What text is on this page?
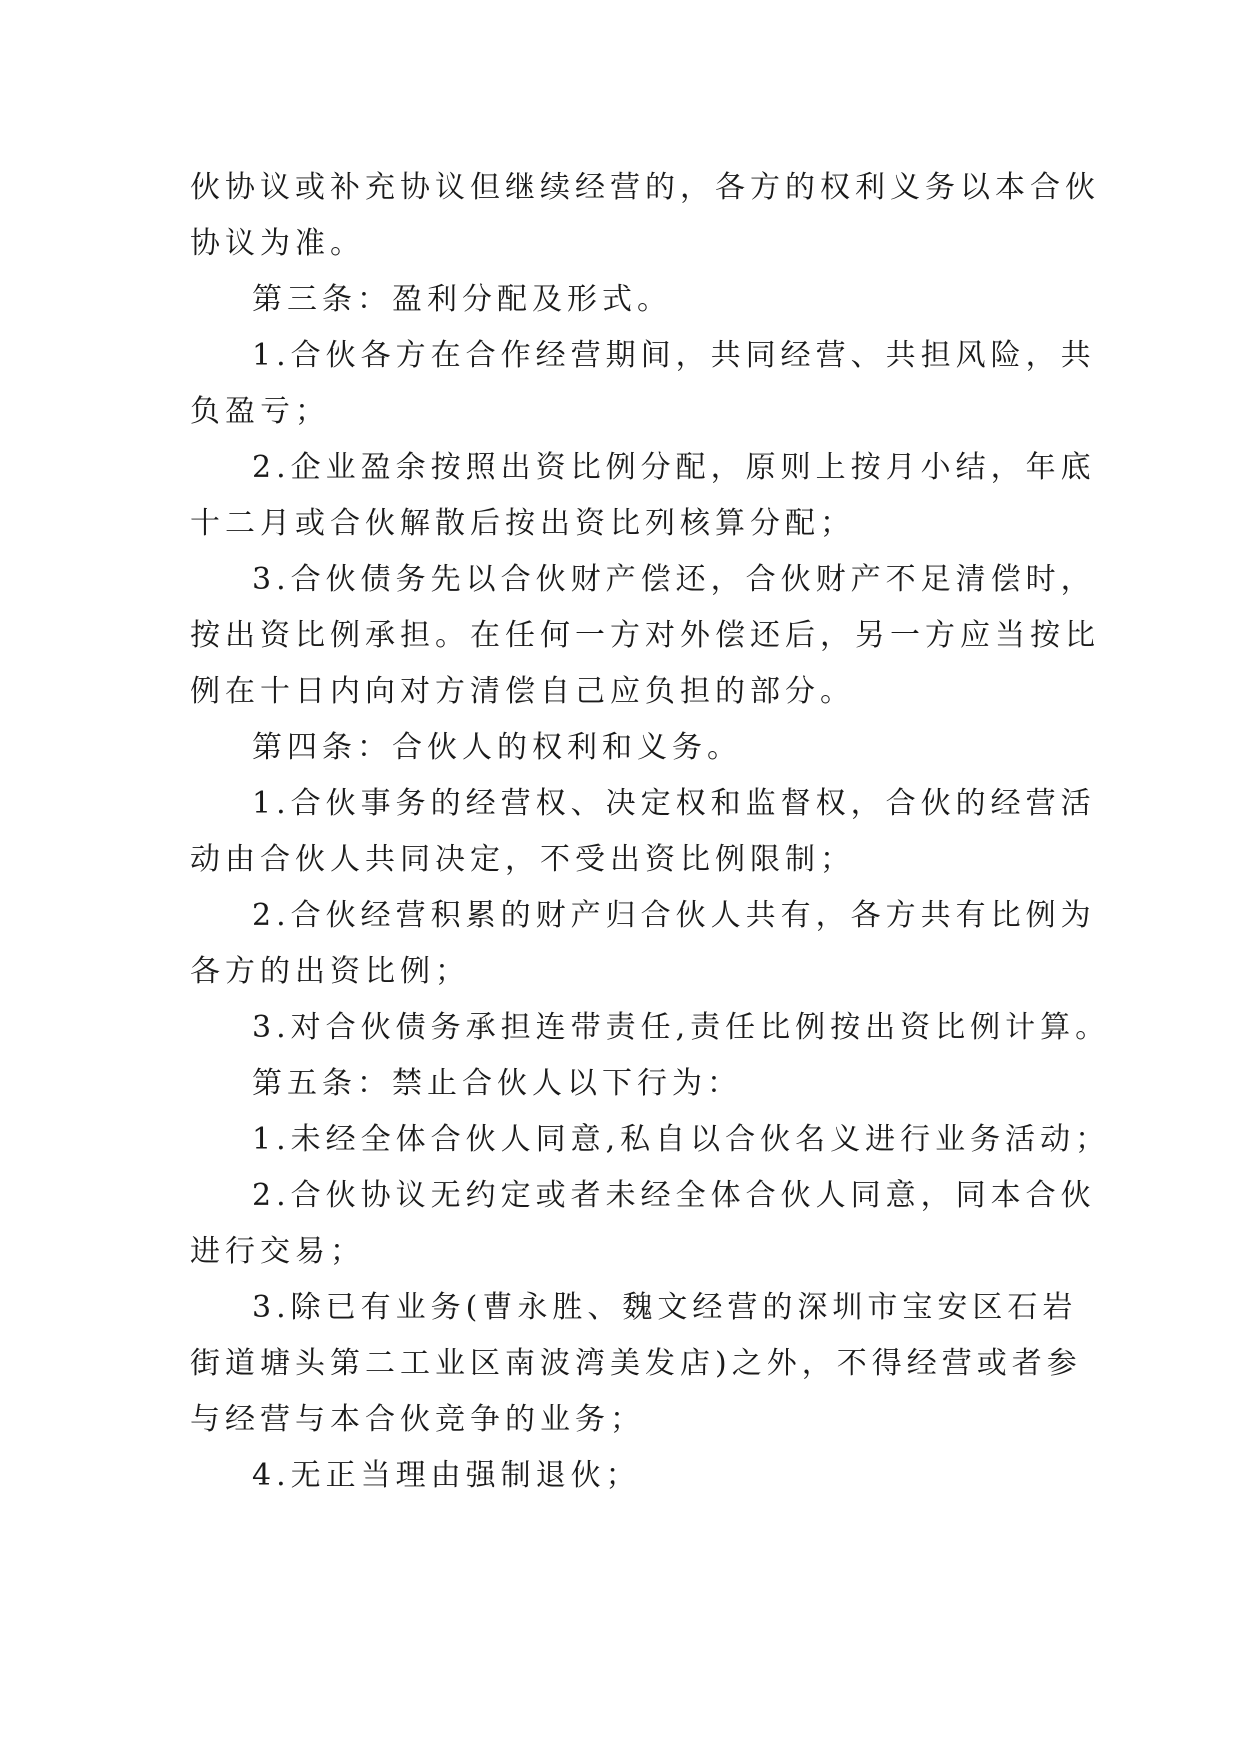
伙协议或补充协议但继续经营的，各方的权利义务以本合伙
协议为准。
第三条：盈利分配及形式。
1.合伙各方在合作经营期间，共同经营、共担风险，共
负盈亏；
2.企业盈余按照出资比例分配，原则上按月小结，年底
十二月或合伙解散后按出资比列核算分配；
3.合伙债务先以合伙财产偿还，合伙财产不足清偿时，
按出资比例承担。在任何一方对外偿还后，另一方应当按比
例在十日内向对方清偿自己应负担的部分。
第四条：合伙人的权利和义务。
1.合伙事务的经营权、决定权和监督权，合伙的经营活
动由合伙人共同决定，不受出资比例限制；
2.合伙经营积累的财产归合伙人共有，各方共有比例为
各方的出资比例；
3.对合伙债务承担连带责任,责任比例按出资比例计算。
第五条：禁止合伙人以下行为：
1.未经全体合伙人同意,私自以合伙名义进行业务活动；
2.合伙协议无约定或者未经全体合伙人同意，同本合伙
进行交易；
3.除已有业务(曹永胜、魏文经营的深圳市宝安区石岩
街道塘头第二工业区南波湾美发店)之外，不得经营或者参
与经营与本合伙竞争的业务；
4.无正当理由强制退伙；
